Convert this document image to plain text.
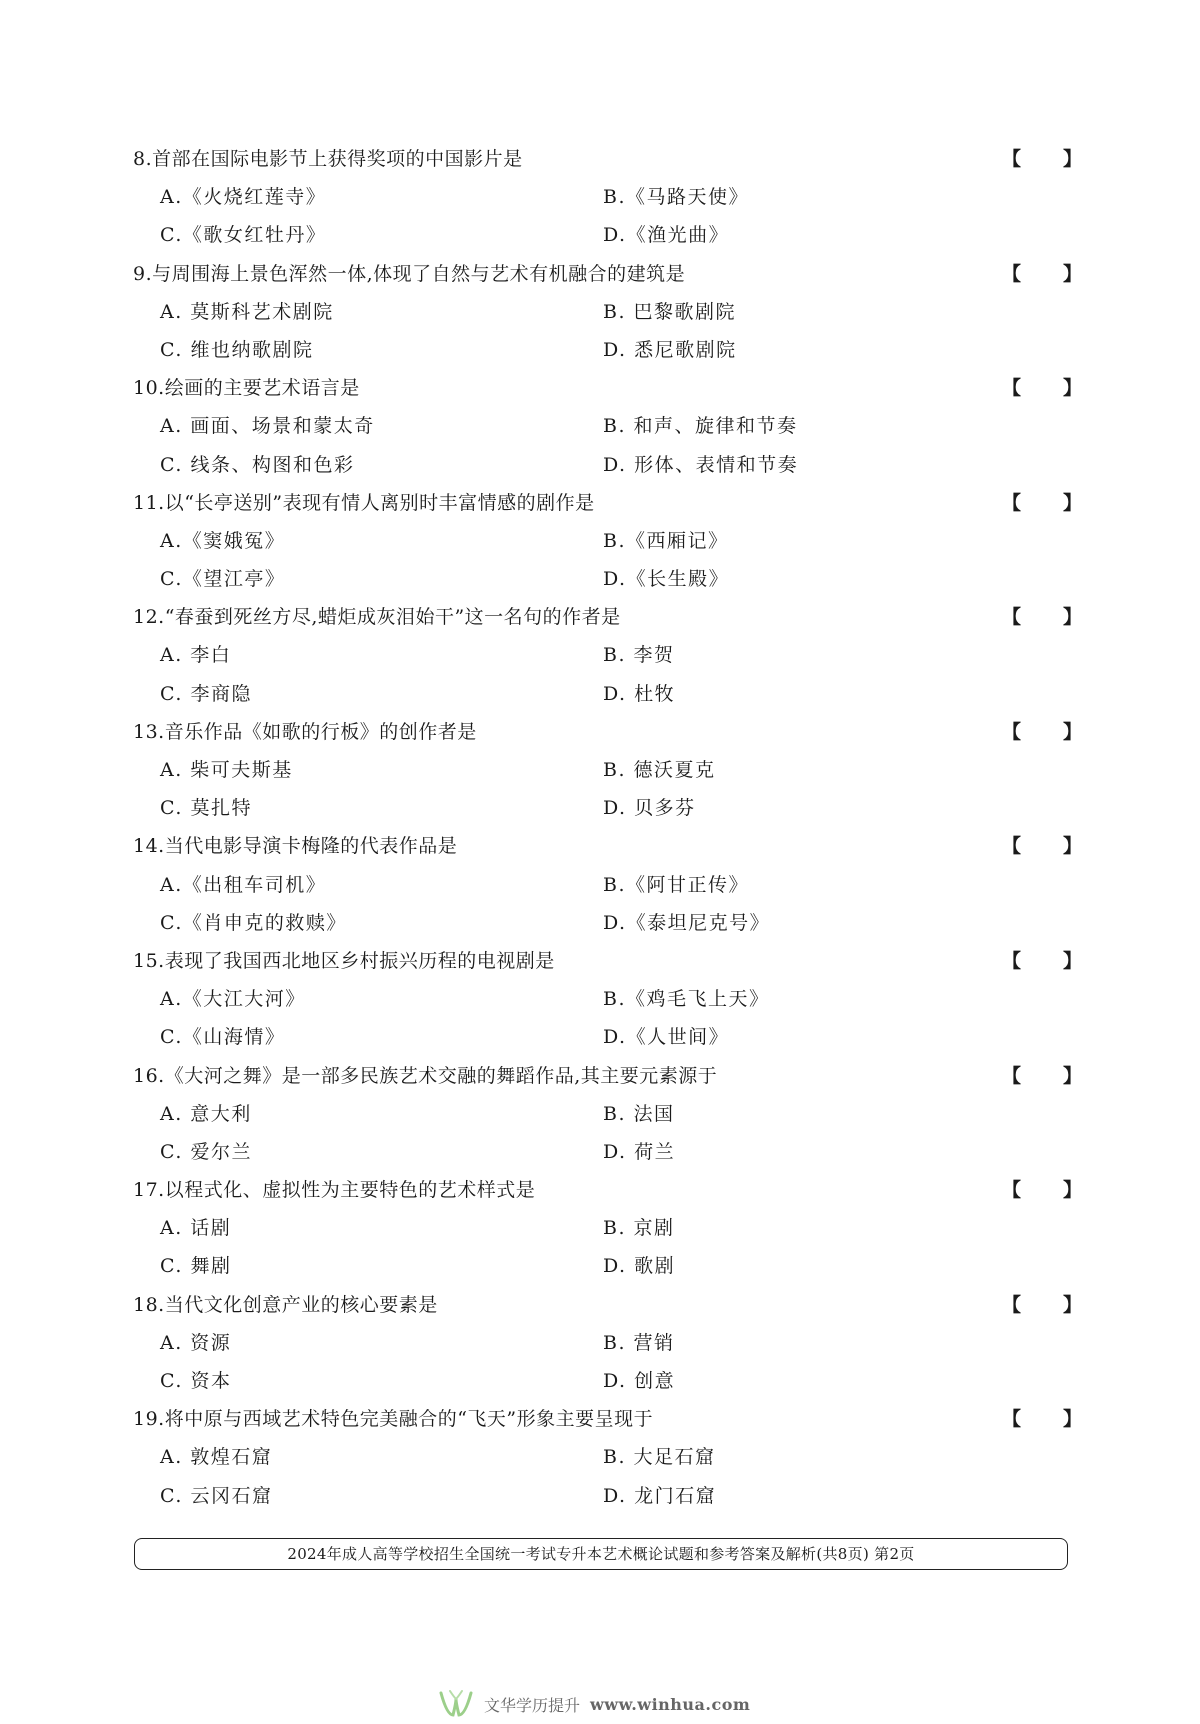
8.首部在国际电影节上获得奖项的中国影片是	【 】
A.《火烧红莲寺》	B.《马路天使》
C.《歌女红牡丹》	D.《渔光曲》
9.与周围海上景色浑然一体,体现了自然与艺术有机融合的建筑是	【 】
A. 莫斯科艺术剧院	B. 巴黎歌剧院
C. 维也纳歌剧院	D. 悉尼歌剧院
10.绘画的主要艺术语言是	【 】
A. 画面、场景和蒙太奇	B. 和声、旋律和节奏
C. 线条、构图和色彩	D. 形体、表情和节奏
11.以“长亭送别”表现有情人离别时丰富情感的剧作是	【 】
A.《窦娥冤》	B.《西厢记》
C.《望江亭》	D.《长生殿》
12.“春蚕到死丝方尽,蜡炬成灰泪始干”这一名句的作者是	【 】
A. 李白	B. 李贺
C. 李商隐	D. 杜牧
13.音乐作品《如歌的行板》的创作者是	【 】
A. 柴可夫斯基	B. 德沃夏克
C. 莫扎特	D. 贝多芬
14.当代电影导演卡梅隆的代表作品是	【 】
A.《出租车司机》	B.《阿甘正传》
C.《肖申克的救赎》	D.《泰坦尼克号》
15.表现了我国西北地区乡村振兴历程的电视剧是	【 】
A.《大江大河》	B.《鸡毛飞上天》
C.《山海情》	D.《人世间》
16.《大河之舞》是一部多民族艺术交融的舞蹈作品,其主要元素源于	【 】
A. 意大利	B. 法国
C. 爱尔兰	D. 荷兰
17.以程式化、虚拟性为主要特色的艺术样式是	【 】
A. 话剧	B. 京剧
C. 舞剧	D. 歌剧
18.当代文化创意产业的核心要素是	【 】
A. 资源	B. 营销
C. 资本	D. 创意
19.将中原与西域艺术特色完美融合的“飞天”形象主要呈现于	【 】
A. 敦煌石窟	B. 大足石窟
C. 云冈石窟	D. 龙门石窟
2024年成人高等学校招生全国统一考试专升本艺术概论试题和参考答案及解析(共8页) 第2页
文华学历提升 www.winhua.com
